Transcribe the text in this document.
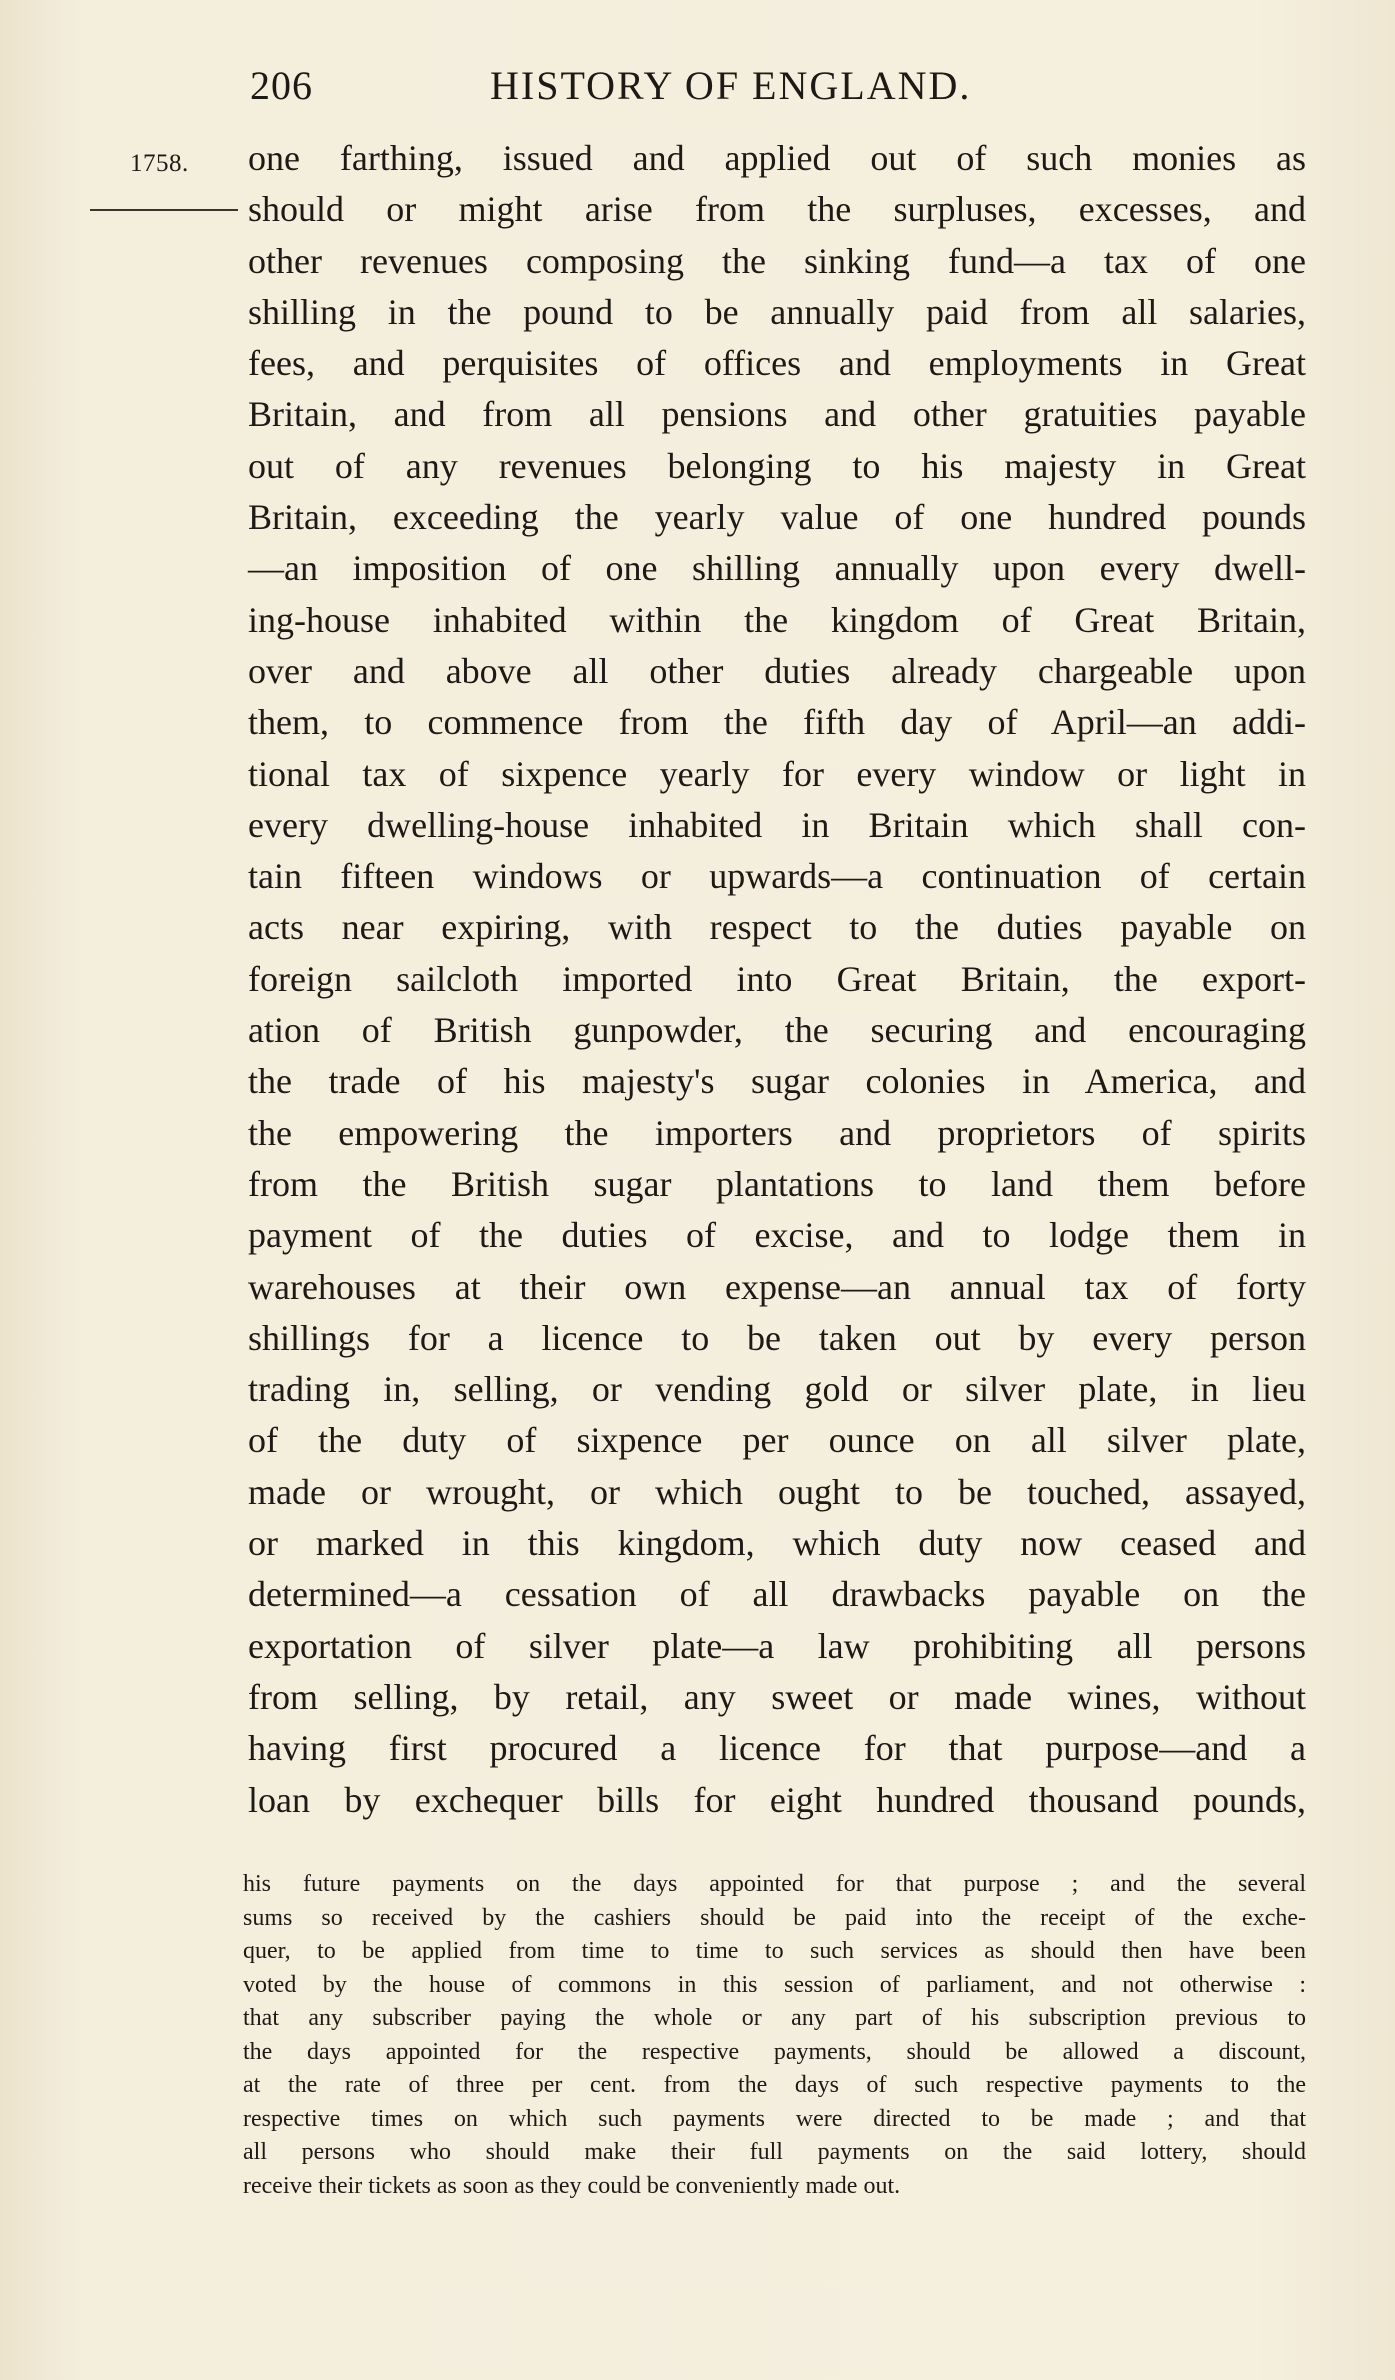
206	HISTORY OF ENGLAND.
1758. one farthing, issued and applied out of such monies as
should or might arise from the surpluses, excesses, and
other revenues composing the sinking fund—a tax of one
shilling in the pound to be annually paid from all salaries,
fees, and perquisites of offices and employments in Great
Britain, and from all pensions and other gratuities payable
out of any revenues belonging to his majesty in Great
Britain, exceeding the yearly value of one hundred pounds
—an imposition of one shilling annually upon every dwell-
ing-house inhabited within the kingdom of Great Britain,
over and above all other duties already chargeable upon
them, to commence from the fifth day of April—an addi-
tional tax of sixpence yearly for every window or light in
every dwelling-house inhabited in Britain which shall con-
tain fifteen windows or upwards—a continuation of certain
acts near expiring, with respect to the duties payable on
foreign sailcloth imported into Great Britain, the export-
ation of British gunpowder, the securing and encouraging
the trade of his majesty's sugar colonies in America, and
the empowering the importers and proprietors of spirits
from the British sugar plantations to land them before
payment of the duties of excise, and to lodge them in
warehouses at their own expense—an annual tax of forty
shillings for a licence to be taken out by every person
trading in, selling, or vending gold or silver plate, in lieu
of the duty of sixpence per ounce on all silver plate,
made or wrought, or which ought to be touched, assayed,
or marked in this kingdom, which duty now ceased and
determined—a cessation of all drawbacks payable on the
exportation of silver plate—a law prohibiting all persons
from selling, by retail, any sweet or made wines, without
having first procured a licence for that purpose—and a
loan by exchequer bills for eight hundred thousand pounds,
his future payments on the days appointed for that purpose ; and the several
sums so received by the cashiers should be paid into the receipt of the exche-
quer, to be applied from time to time to such services as should then have been
voted by the house of commons in this session of parliament, and not otherwise :
that any subscriber paying the whole or any part of his subscription previous to
the days appointed for the respective payments, should be allowed a discount,
at the rate of three per cent. from the days of such respective payments to the
respective times on which such payments were directed to be made ; and that
all persons who should make their full payments on the said lottery, should
receive their tickets as soon as they could be conveniently made out.
